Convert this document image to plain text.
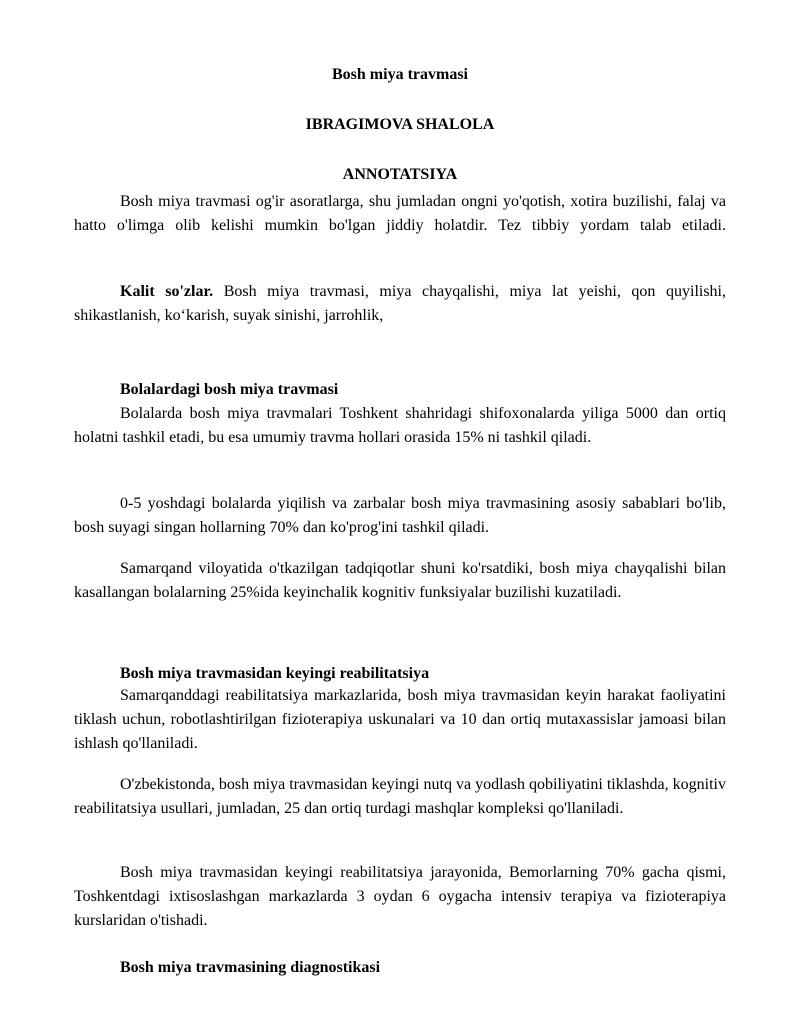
Bosh miya travmasi
IBRAGIMOVA SHALOLA
ANNOTATSIYA

Bosh miya travmasi og'ir asoratlarga, shu jumladan ongni yo'qotish, xotira buzilishi, falaj va hatto o'limga olib kelishi mumkin bo'lgan jiddiy holatdir. Tez tibbiy yordam talab etiladi.

Kalit so'zlar. Bosh miya travmasi, miya chayqalishi, miya lat yeishi, qon quyilishi, shikastlanish, ko‘karish, suyak sinishi, jarrohlik,

Bolalardagi bosh miya travmasi

Bolalarda bosh miya travmalari Toshkent shahridagi shifoxonalarda yiligа 5000 dan ortiq holatni tashkil etadi, bu esa umumiy travma hollari orasida 15% ni tashkil qiladi.

0-5 yoshdagi bolalarda yiqilish va zarbalar bosh miya travmasining asosiy sabablari bo'lib, bosh suyagi singan hollarning 70% dan ko'prog'ini tashkil qiladi.

Samarqand viloyatida o'tkazilgan tadqiqotlar shuni ko'rsatdiki, bosh miya chayqalishi bilan kasallangan bolalarning 25%ida keyinchalik kognitiv funksiyalar buzilishi kuzatiladi.

Bosh miya travmasidan keyingi reabilitatsiya

Samarqanddagi reabilitatsiya markazlarida, bosh miya travmasidan keyin harakat faoliyatini tiklash uchun, robotlashtirilgan fizioterapiya uskunalari va 10 dan ortiq mutaxassislar jamoasi bilan ishlash qo'llaniladi.

O'zbekistonda, bosh miya travmasidan keyingi nutq va yodlash qobiliyatini tiklashda, kognitiv reabilitatsiya usullari, jumladan, 25 dan ortiq turdagi mashqlar kompleksi qo'llaniladi.

Bosh miya travmasidan keyingi reabilitatsiya jarayonida, Bemorlarning 70% gacha qismi, Toshkentdagi ixtisoslashgan markazlarda 3 oydan 6 oygacha intensiv terapiya va fizioterapiya kurslaridan o'tishadi.

Bosh miya travmasining diagnostikasi
